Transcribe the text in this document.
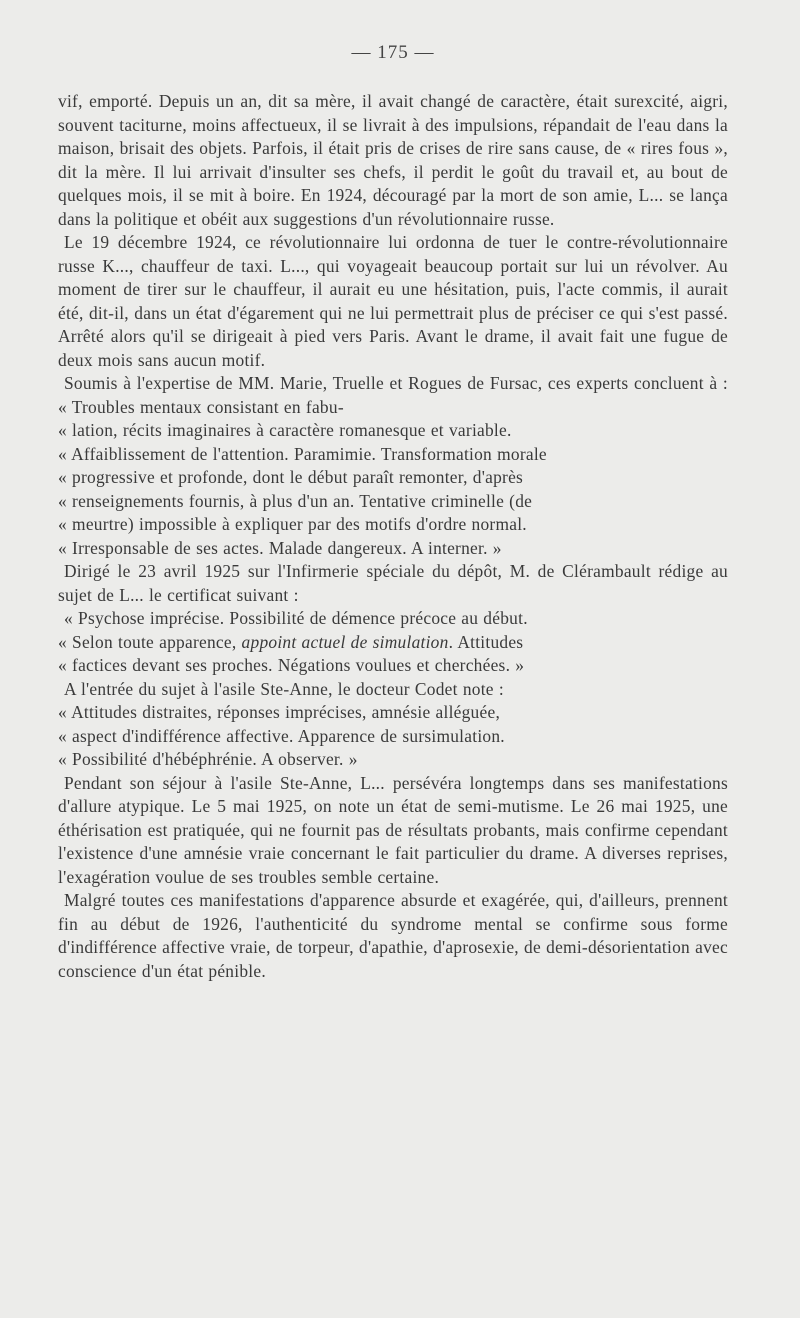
— 175 —

vif, emporté. Depuis un an, dit sa mère, il avait changé de caractère, était surexcité, aigri, souvent taciturne, moins affectueux, il se livrait à des impulsions, répandait de l'eau dans la maison, brisait des objets. Parfois, il était pris de crises de rire sans cause, de « rires fous », dit la mère. Il lui arrivait d'insulter ses chefs, il perdit le goût du travail et, au bout de quelques mois, il se mit à boire. En 1924, découragé par la mort de son amie, L... se lança dans la politique et obéit aux suggestions d'un révolutionnaire russe.

Le 19 décembre 1924, ce révolutionnaire lui ordonna de tuer le contre-révolutionnaire russe K..., chauffeur de taxi. L..., qui voyageait beaucoup portait sur lui un révolver. Au moment de tirer sur le chauffeur, il aurait eu une hésitation, puis, l'acte commis, il aurait été, dit-il, dans un état d'égarement qui ne lui permettrait plus de préciser ce qui s'est passé. Arrêté alors qu'il se dirigeait à pied vers Paris. Avant le drame, il avait fait une fugue de deux mois sans aucun motif.

Soumis à l'expertise de MM. Marie, Truelle et Rogues de Fursac, ces experts concluent à : « Troubles mentaux consistant en fabu-

« lation, récits imaginaires à caractère romanesque et variable.

« Affaiblissement de l'attention. Paramimie. Transformation morale

« progressive et profonde, dont le début paraît remonter, d'après

« renseignements fournis, à plus d'un an. Tentative criminelle (de

« meurtre) impossible à expliquer par des motifs d'ordre normal.

« Irresponsable de ses actes. Malade dangereux. A interner. »

Dirigé le 23 avril 1925 sur l'Infirmerie spéciale du dépôt, M. de Clérambault rédige au sujet de L... le certificat suivant :

« Psychose imprécise. Possibilité de démence précoce au début.

« Selon toute apparence, appoint actuel de simulation. Attitudes

« factices devant ses proches. Négations voulues et cherchées. »

A l'entrée du sujet à l'asile Ste-Anne, le docteur Codet note :

« Attitudes distraites, réponses imprécises, amnésie alléguée,

« aspect d'indifférence affective. Apparence de sursimulation.

« Possibilité d'hébéphrénie. A observer. »

Pendant son séjour à l'asile Ste-Anne, L... persévéra longtemps dans ses manifestations d'allure atypique. Le 5 mai 1925, on note un état de semi-mutisme. Le 26 mai 1925, une éthérisation est pratiquée, qui ne fournit pas de résultats probants, mais confirme cependant l'existence d'une amnésie vraie concernant le fait particulier du drame. A diverses reprises, l'exagération voulue de ses troubles semble certaine.

Malgré toutes ces manifestations d'apparence absurde et exagérée, qui, d'ailleurs, prennent fin au début de 1926, l'authenticité du syndrome mental se confirme sous forme d'indifférence affective vraie, de torpeur, d'apathie, d'aprosexie, de demi-désorientation avec conscience d'un état pénible.
